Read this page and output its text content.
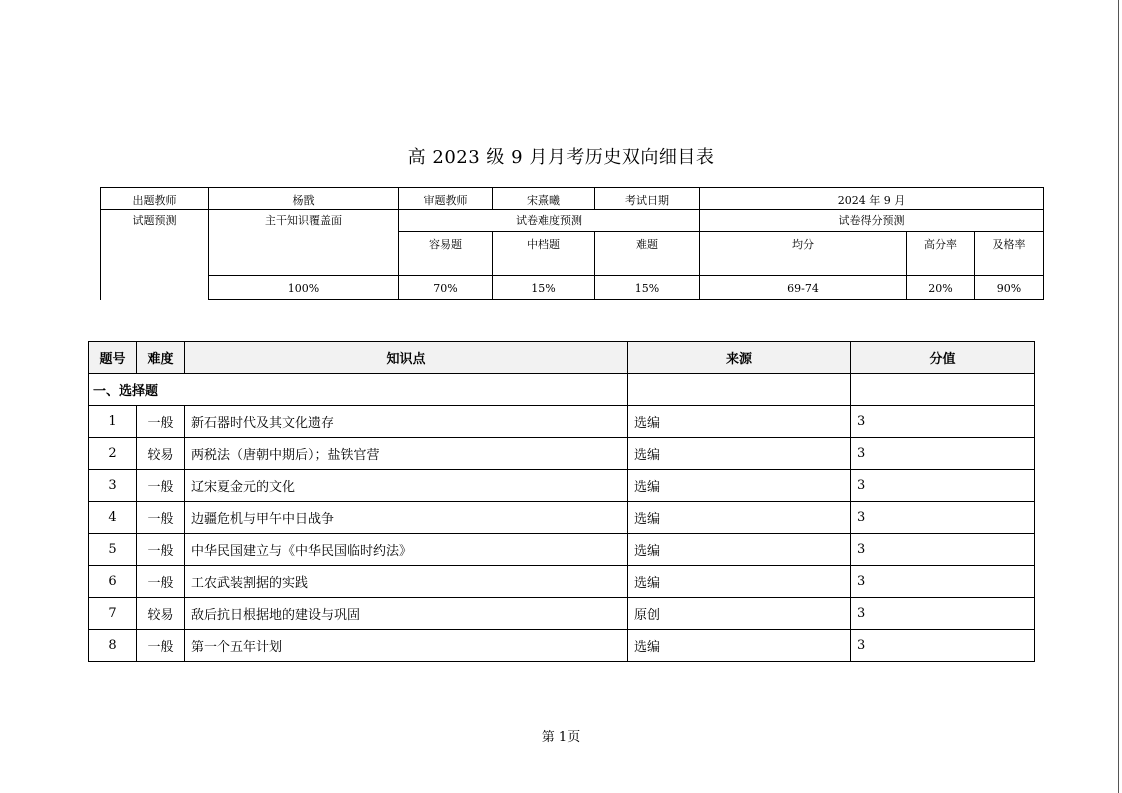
高 2023 级 9 月月考历史双向细目表
出题教师	杨戬	审题教师	宋熹曦	考试日期	2024 年 9 月		
试题预测	主干知识覆盖面	试卷难度预测			试卷得分预测		
		容易题	中档题	难题	均分	高分率	及格率
	100%	70%	15%	15%	69-74	20%	90%
题号	难度	知识点	来源	分值
一、选择题				
1	一般	新石器时代及其文化遗存	选编	3
2	较易	两税法（唐朝中期后）；盐铁官营	选编	3
3	一般	辽宋夏金元的文化	选编	3
4	一般	边疆危机与甲午中日战争	选编	3
5	一般	中华民国建立与《中华民国临时约法》	选编	3
6	一般	工农武装割据的实践	选编	3
7	较易	敌后抗日根据地的建设与巩固	原创	3
8	一般	第一个五年计划	选编	3
第 1页
